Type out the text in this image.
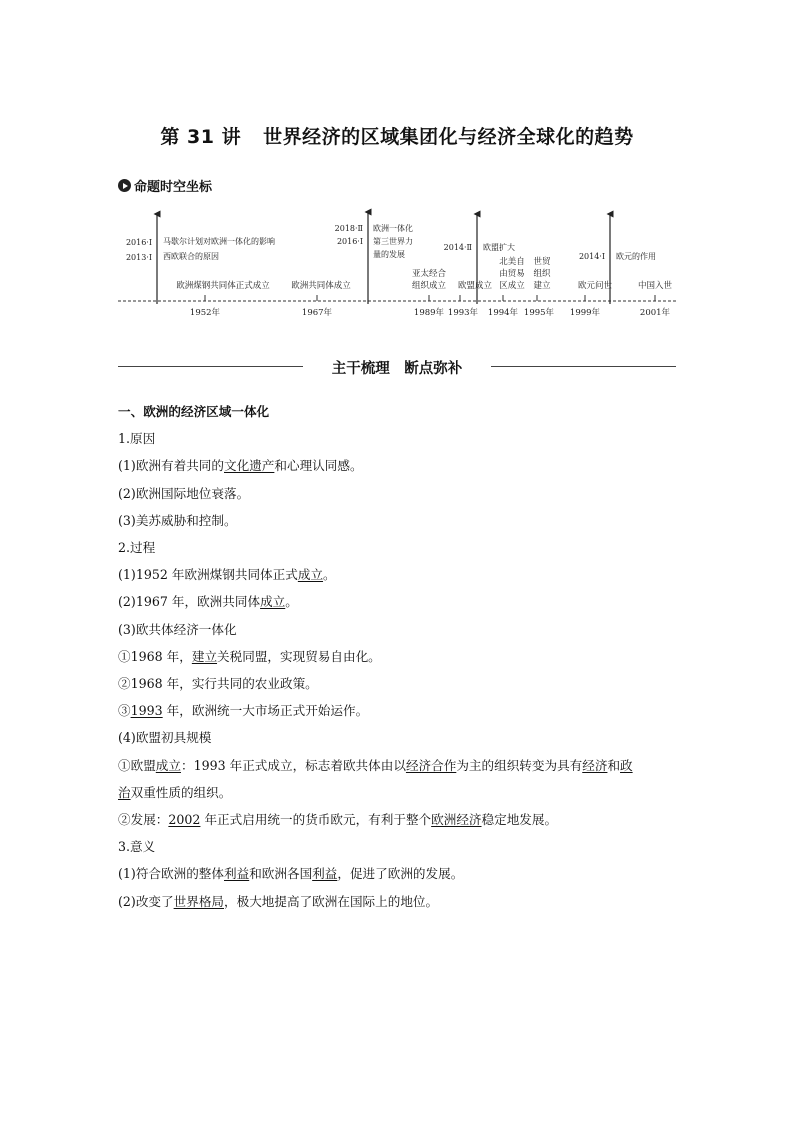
第 31 讲 世界经济的区域集团化与经济全球化的趋势
命题时空坐标
2016·Ⅰ
2013·Ⅰ
2018·Ⅱ
2016·Ⅰ
2014·Ⅱ
2014·Ⅰ
马歇尔计划对欧洲一体化的影响
西欧联合的原因
欧洲一体化
第三世界力
量的发展
欧盟扩大
欧元的作用
欧洲煤钢共同体正式成立	欧洲共同体成立
亚太经合
组织成立 欧盟成立
北美自
由贸易
区成立
世贸
组织
建立	欧元问世	中国入世
1952年	1967年	1989年 1993年 1994年 1995年 1999年	2001年
主干梳理　断点弥补

一、欧洲的经济区域一体化

1.原因

(1)欧洲有着共同的文化遗产和心理认同感。

(2)欧洲国际地位衰落。

(3)美苏威胁和控制。

2.过程

(1)1952 年欧洲煤钢共同体正式成立。

(2)1967 年，欧洲共同体成立。

(3)欧共体经济一体化

①1968 年，建立关税同盟，实现贸易自由化。

②1968 年，实行共同的农业政策。

③1993 年，欧洲统一大市场正式开始运作。

(4)欧盟初具规模

①欧盟成立：1993 年正式成立，标志着欧共体由以经济合作为主的组织转变为具有经济和政

治双重性质的组织。

②发展：2002 年正式启用统一的货币欧元，有利于整个欧洲经济稳定地发展。

3.意义

(1)符合欧洲的整体利益和欧洲各国利益，促进了欧洲的发展。

(2)改变了世界格局，极大地提高了欧洲在国际上的地位。
